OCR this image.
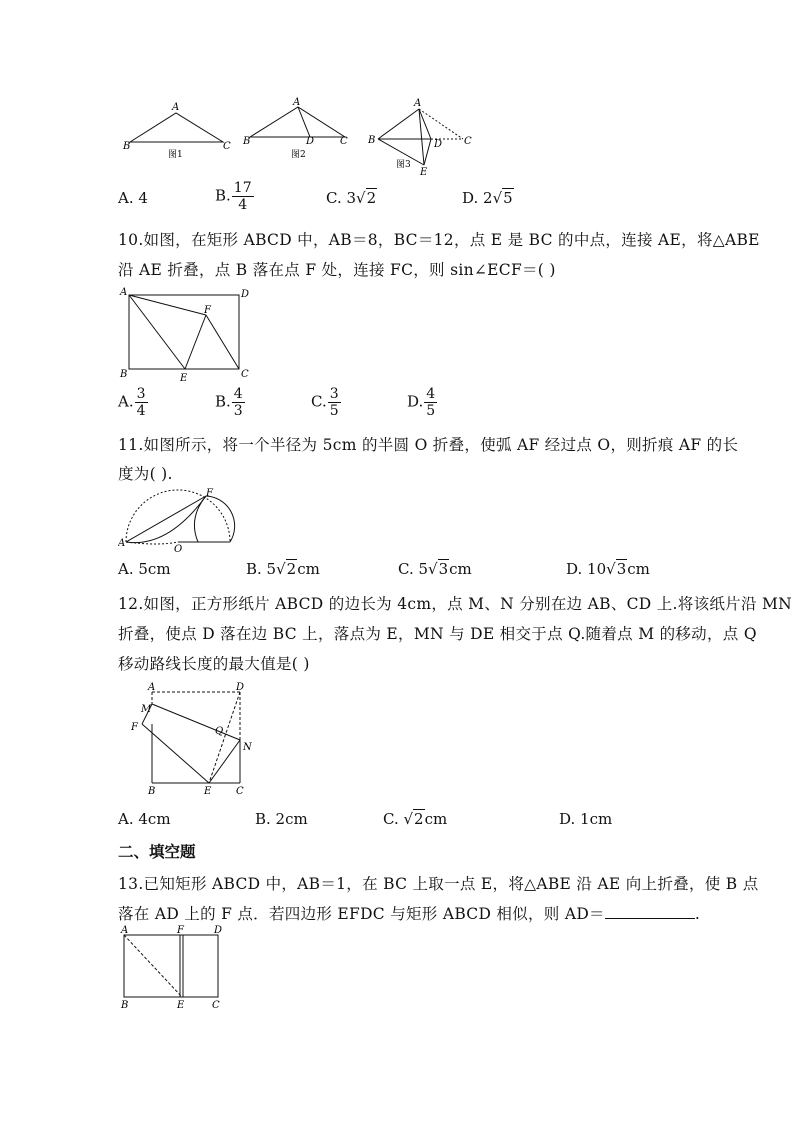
A
B	C
图1
A
B	D	C
图2
A
B	D C
E
图3
A. 4	B. $\frac{17}{4}$	C. 3√2	D. 2√5
10.如图，在矩形 ABCD 中，AB＝8，BC＝12，点 E 是 BC 的中点，连接 AE，将△ABE
沿 AE 折叠，点 B 落在点 F 处，连接 FC，则 sin∠ECF＝( )
A	D
F
B	E	C
A. $\frac{3}{4}$	B. $\frac{4}{3}$	C. $\frac{3}{5}$	D. $\frac{4}{5}$
11.如图所示，将一个半径为 5cm 的半圆 O 折叠，使弧 AF 经过点 O，则折痕 AF 的长
度为( ).
F
A
O
A. 5cm	B. 5√2cm	C. 5√3cm	D. 10√3cm
12.如图，正方形纸片 ABCD 的边长为 4cm，点 M、N 分别在边 AB、CD 上.将该纸片沿 MN
折叠，使点 D 落在边 BC 上，落点为 E，MN 与 DE 相交于点 Q.随着点 M 的移动，点 Q
移动路线长度的最大值是( )
A	D
M
F	Q
N
B	E C
A. 4cm	B. 2cm	C. √2cm	D. 1cm
二、填空题
13.已知矩形 ABCD 中，AB＝1，在 BC 上取一点 E，将△ABE 沿 AE 向上折叠，使 B 点
落在 AD 上的 F 点．若四边形 EFDC 与矩形 ABCD 相似，则 AD＝	.
A	F	D
B	E	C
